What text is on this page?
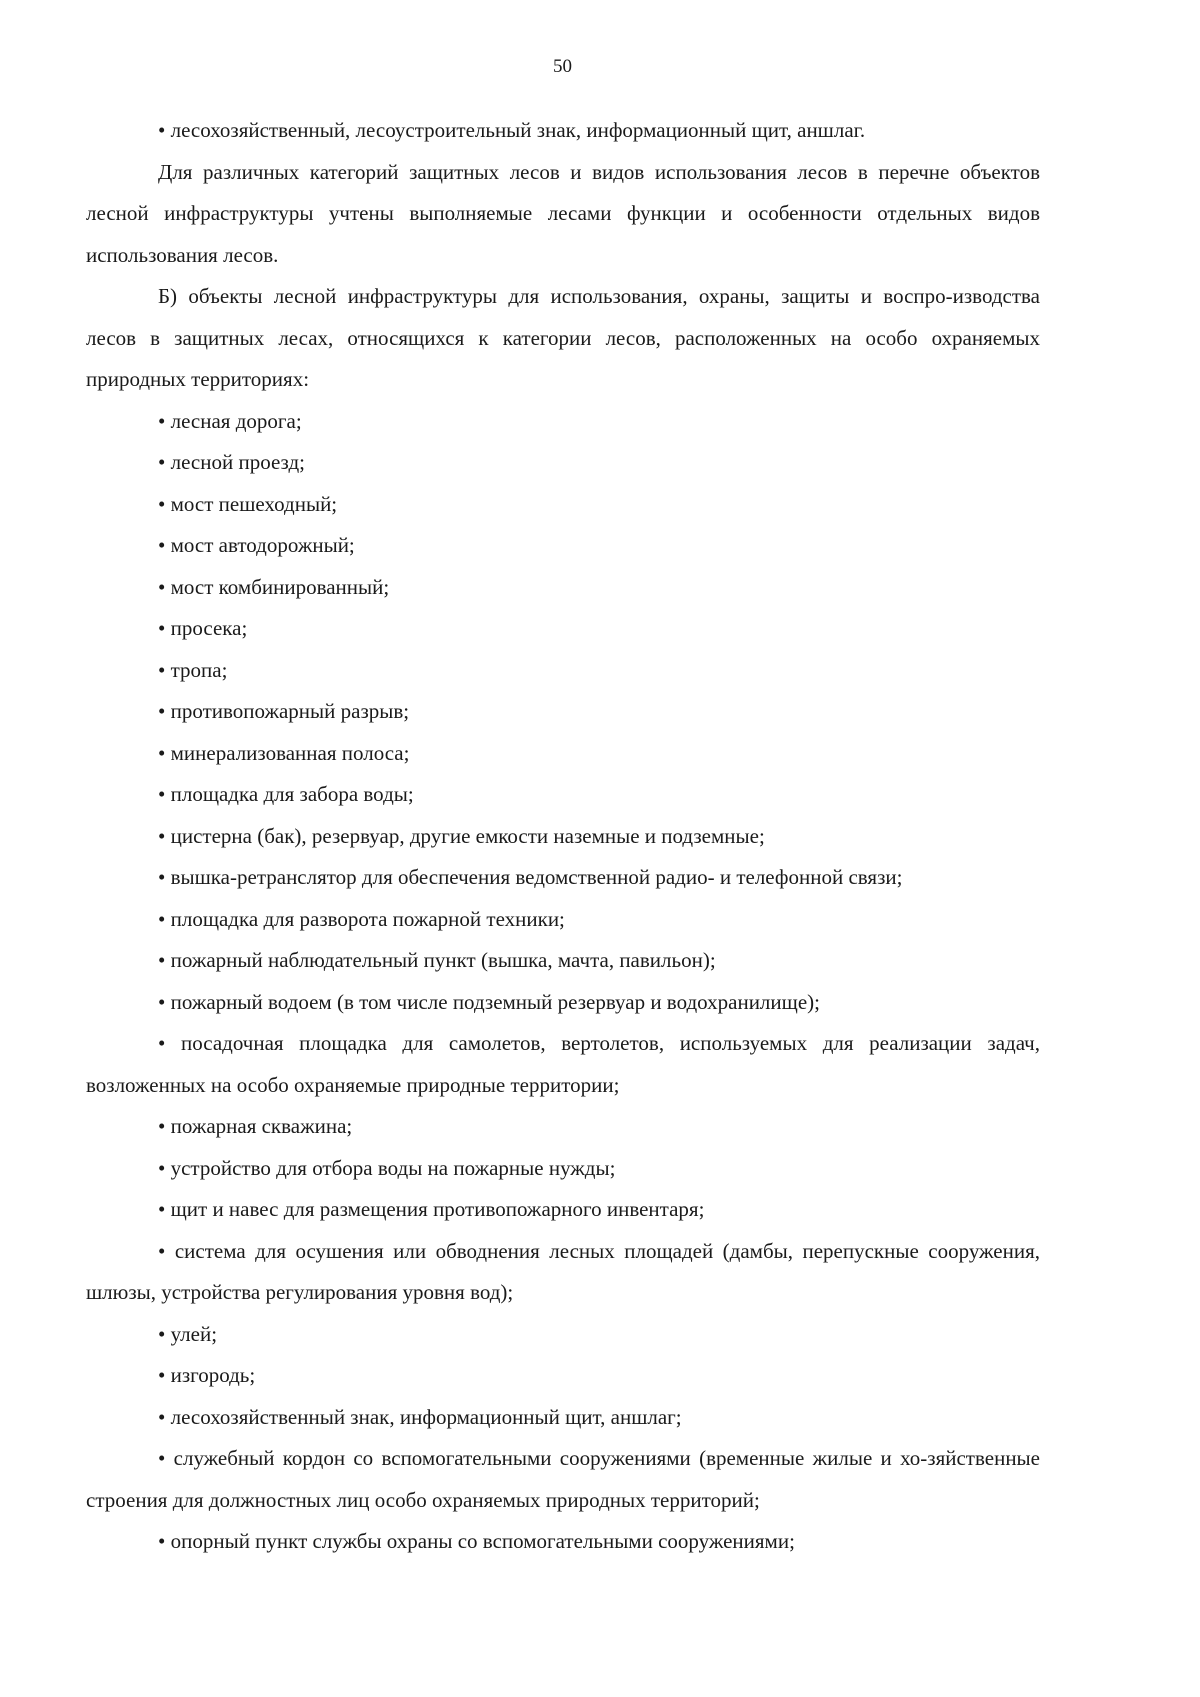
50

• лесохозяйственный, лесоустроительный знак, информационный щит, аншлаг.

Для различных категорий защитных лесов и видов использования лесов в перечне объектов лесной инфраструктуры учтены выполняемые лесами функции и особенности отдельных видов использования лесов.

Б) объекты лесной инфраструктуры для использования, охраны, защиты и воспро-изводства лесов в защитных лесах, относящихся к категории лесов, расположенных на особо охраняемых природных территориях:

• лесная дорога;

• лесной проезд;

• мост пешеходный;

• мост автодорожный;

• мост комбинированный;

• просека;

• тропа;

• противопожарный разрыв;

• минерализованная полоса;

• площадка для забора воды;

• цистерна (бак), резервуар, другие емкости наземные и подземные;

• вышка-ретранслятор для обеспечения ведомственной радио- и телефонной связи;

• площадка для разворота пожарной техники;

• пожарный наблюдательный пункт (вышка, мачта, павильон);

• пожарный водоем (в том числе подземный резервуар и водохранилище);

• посадочная площадка для самолетов, вертолетов, используемых для реализации задач, возложенных на особо охраняемые природные территории;

• пожарная скважина;

• устройство для отбора воды на пожарные нужды;

• щит и навес для размещения противопожарного инвентаря;

• система для осушения или обводнения лесных площадей (дамбы, перепускные сооружения, шлюзы, устройства регулирования уровня вод);

• улей;

• изгородь;

• лесохозяйственный знак, информационный щит, аншлаг;

• служебный кордон со вспомогательными сооружениями (временные жилые и хо-зяйственные строения для должностных лиц особо охраняемых природных территорий;

• опорный пункт службы охраны со вспомогательными сооружениями;
